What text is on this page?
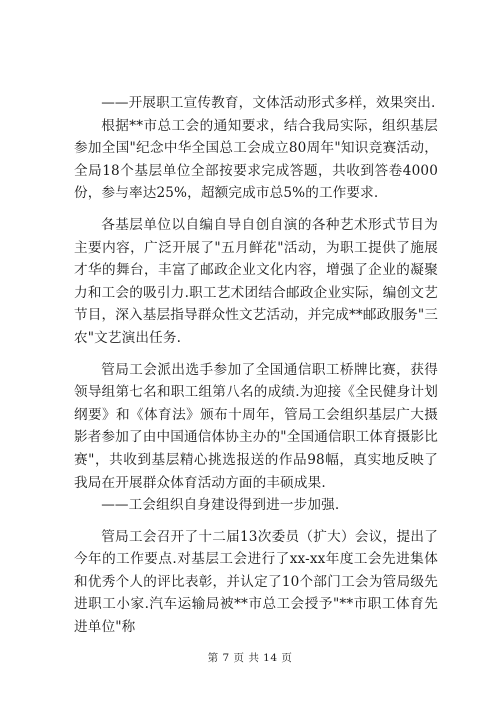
——开展职工宣传教育，文体活动形式多样，效果突出.

根据**市总工会的通知要求，结合我局实际，组织基层参加全国"纪念中华全国总工会成立80周年"知识竞赛活动，全局18个基层单位全部按要求完成答题，共收到答卷4000份，参与率达25%，超额完成市总5%的工作要求.

各基层单位以自编自导自创自演的各种艺术形式节目为主要内容，广泛开展了"五月鲜花"活动，为职工提供了施展才华的舞台，丰富了邮政企业文化内容，增强了企业的凝聚力和工会的吸引力.职工艺术团结合邮政企业实际，编创文艺节目，深入基层指导群众性文艺活动，并完成**邮政服务"三农"文艺演出任务.

管局工会派出选手参加了全国通信职工桥牌比赛，获得领导组第七名和职工组第八名的成绩.为迎接《全民健身计划纲要》和《体育法》颁布十周年，管局工会组织基层广大摄影者参加了由中国通信体协主办的"全国通信职工体育摄影比赛"，共收到基层精心挑选报送的作品98幅，真实地反映了我局在开展群众体育活动方面的丰硕成果.

——工会组织自身建设得到进一步加强.

管局工会召开了十二届13次委员（扩大）会议，提出了今年的工作要点.对基层工会进行了xx-xx年度工会先进集体和优秀个人的评比表彰，并认定了10个部门工会为管局级先进职工小家.汽车运输局被**市总工会授予"**市职工体育先进单位"称

第 7 页 共 14 页
